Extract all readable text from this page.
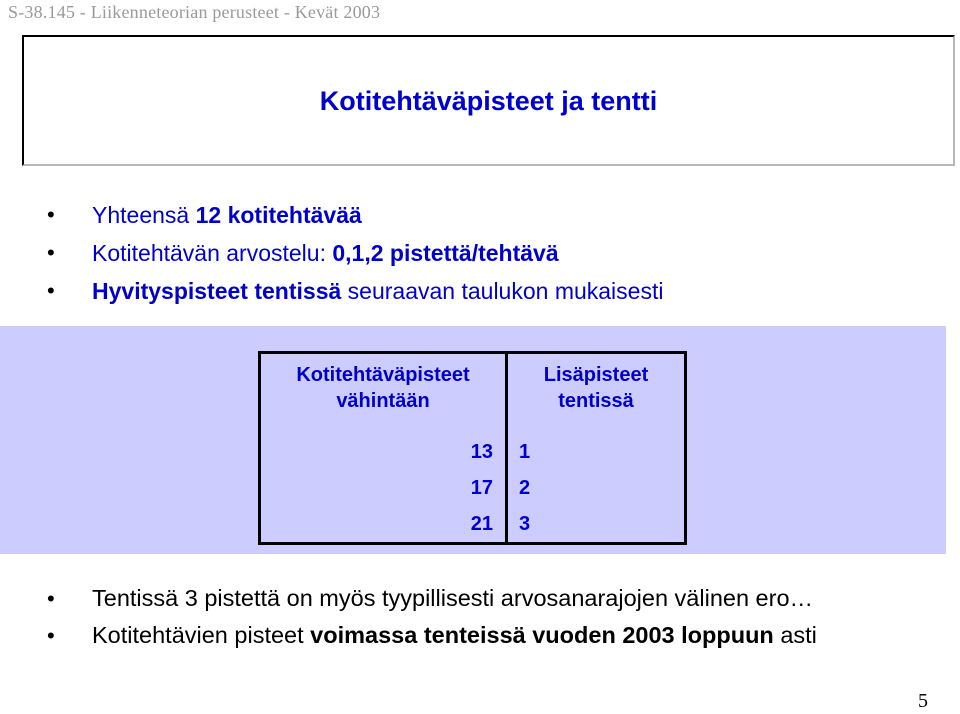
S-38.145 - Liikenneteorian perusteet - Kevät 2003
Kotitehtäväpisteet ja tentti
• Yhteensä 12 kotitehtävää
• Kotitehtävän arvostelu: 0,1,2 pistettä/tehtävä
• Hyvityspisteet tentissä seuraavan taulukon mukaisesti
Kotitehtäväpisteet vähintään	Lisäpisteet tentissä
13	1
17	2
21	3
• Tentissä 3 pistettä on myös tyypillisesti arvosanarajojen välinen ero…
• Kotitehtävien pisteet voimassa tenteissä vuoden 2003 loppuun asti
5
